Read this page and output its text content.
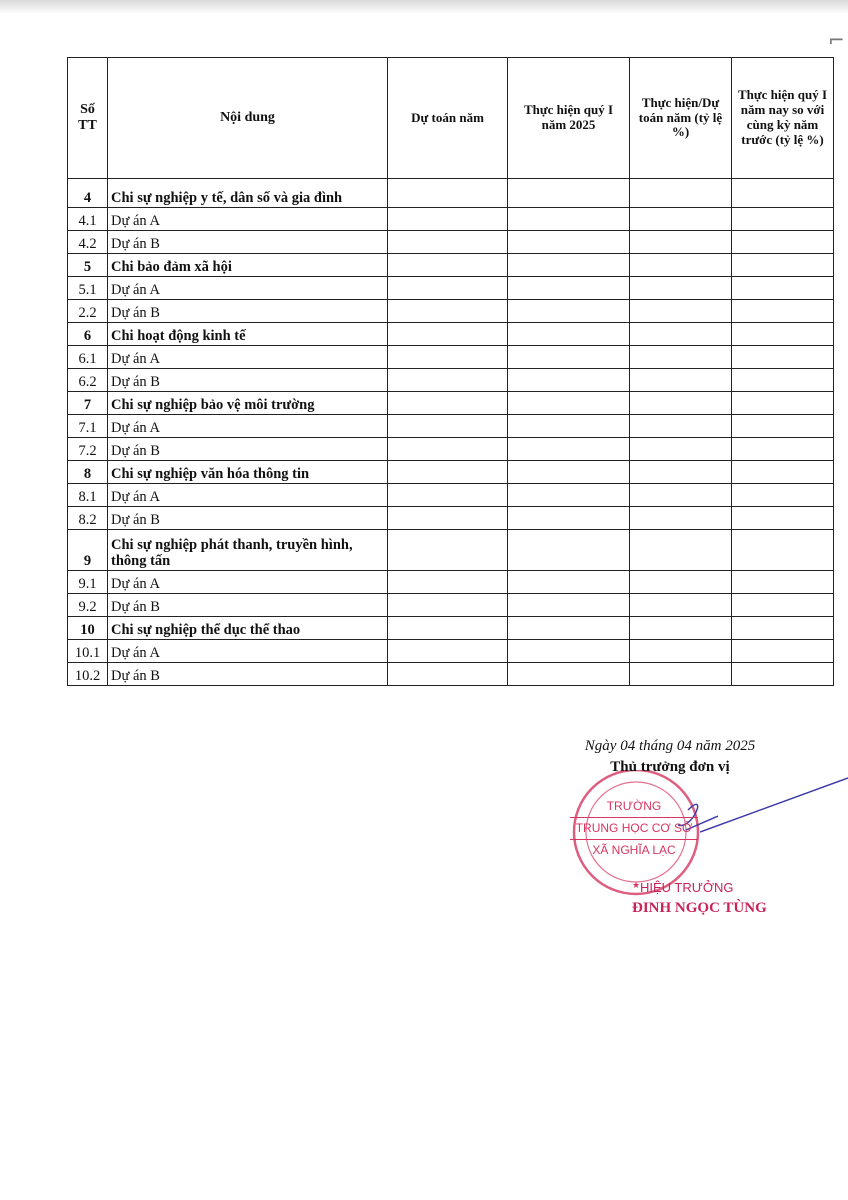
⌐
Số TT	Nội dung	Dự toán năm	Thực hiện quý I năm 2025	Thực hiện/Dự toán năm (tỷ lệ %)	Thực hiện quý I năm nay so với cùng kỳ năm trước (tỷ lệ %)
4	Chi sự nghiệp y tế, dân số và gia đình				
4.1	Dự án A				
4.2	Dự án B				
5	Chi bảo đảm xã hội				
5.1	Dự án A				
2.2	Dự án B				
6	Chi hoạt động kinh tế				
6.1	Dự án A				
6.2	Dự án B				
7	Chi sự nghiệp bảo vệ môi trường				
7.1	Dự án A				
7.2	Dự án B				
8	Chi sự nghiệp văn hóa thông tin				
8.1	Dự án A				
8.2	Dự án B				
9	Chi sự nghiệp phát thanh, truyền hình, thông tấn				
9.1	Dự án A				
9.2	Dự án B				
10	Chi sự nghiệp thể dục thể thao				
10.1	Dự án A				
10.2	Dự án B				
★
TRƯỜNG
TRUNG HỌC CƠ SỞ
XÃ NGHĨA LẠC
Ngày 04 tháng 04 năm 2025
Thủ trưởng đơn vị
HIỆU TRƯỞNG
ĐINH NGỌC TÙNG
